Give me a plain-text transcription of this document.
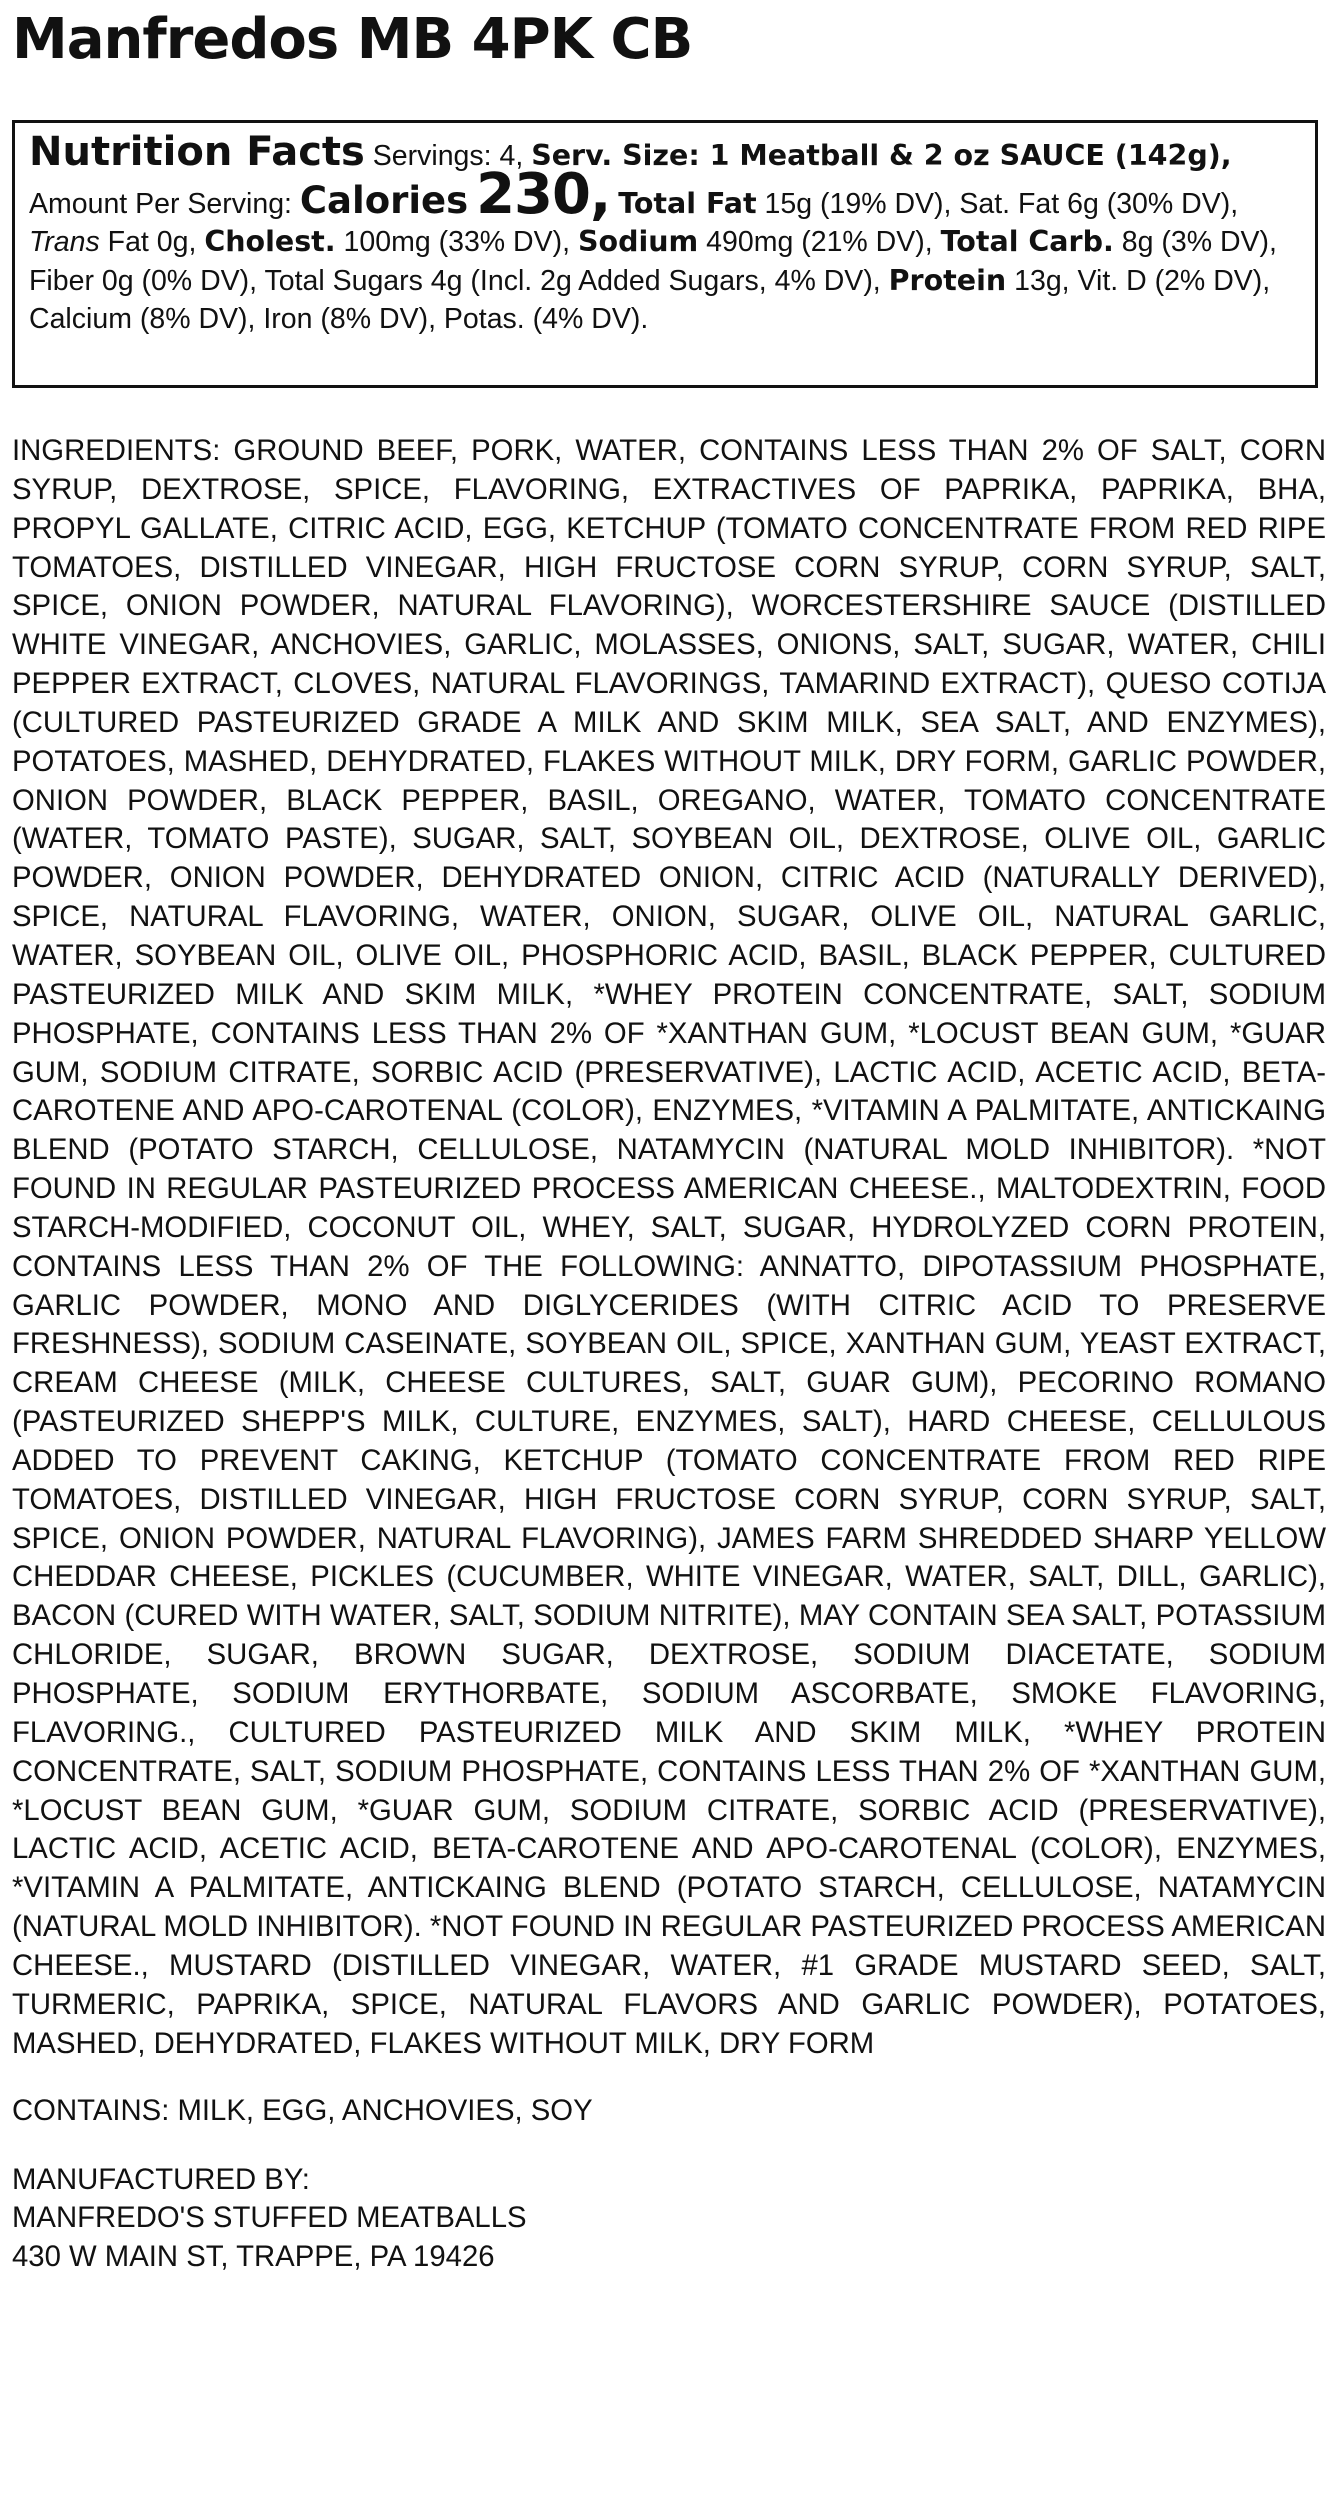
Manfredos MB 4PK CB
Nutrition Facts Servings: 4, Serv. Size: 1 Meatball & 2 oz SAUCE (142g), Amount Per Serving: Calories 230, Total Fat 15g (19% DV), Sat. Fat 6g (30% DV), Trans Fat 0g, Cholest. 100mg (33% DV), Sodium 490mg (21% DV), Total Carb. 8g (3% DV), Fiber 0g (0% DV), Total Sugars 4g (Incl. 2g Added Sugars, 4% DV), Protein 13g, Vit. D (2% DV), Calcium (8% DV), Iron (8% DV), Potas. (4% DV).
INGREDIENTS: GROUND BEEF, PORK, WATER, CONTAINS LESS THAN 2% OF SALT, CORN SYRUP, DEXTROSE, SPICE, FLAVORING, EXTRACTIVES OF PAPRIKA, PAPRIKA, BHA, PROPYL GALLATE, CITRIC ACID, EGG, KETCHUP (TOMATO CONCENTRATE FROM RED RIPE TOMATOES, DISTILLED VINEGAR, HIGH FRUCTOSE CORN SYRUP, CORN SYRUP, SALT, SPICE, ONION POWDER, NATURAL FLAVORING), WORCESTERSHIRE SAUCE (DISTILLED WHITE VINEGAR, ANCHOVIES, GARLIC, MOLASSES, ONIONS, SALT, SUGAR, WATER, CHILI PEPPER EXTRACT, CLOVES, NATURAL FLAVORINGS, TAMARIND EXTRACT), QUESO COTIJA (CULTURED PASTEURIZED GRADE A MILK AND SKIM MILK, SEA SALT, AND ENZYMES), POTATOES, MASHED, DEHYDRATED, FLAKES WITHOUT MILK, DRY FORM, GARLIC POWDER, ONION POWDER, BLACK PEPPER, BASIL, OREGANO, WATER, TOMATO CONCENTRATE (WATER, TOMATO PASTE), SUGAR, SALT, SOYBEAN OIL, DEXTROSE, OLIVE OIL, GARLIC POWDER, ONION POWDER, DEHYDRATED ONION, CITRIC ACID (NATURALLY DERIVED), SPICE, NATURAL FLAVORING, WATER, ONION, SUGAR, OLIVE OIL, NATURAL GARLIC, WATER, SOYBEAN OIL, OLIVE OIL, PHOSPHORIC ACID, BASIL, BLACK PEPPER, CULTURED PASTEURIZED MILK AND SKIM MILK, *WHEY PROTEIN CONCENTRATE, SALT, SODIUM PHOSPHATE, CONTAINS LESS THAN 2% OF *XANTHAN GUM, *LOCUST BEAN GUM, *GUAR GUM, SODIUM CITRATE, SORBIC ACID (PRESERVATIVE), LACTIC ACID, ACETIC ACID, BETA-CAROTENE AND APO-CAROTENAL (COLOR), ENZYMES, *VITAMIN A PALMITATE, ANTICKAING BLEND (POTATO STARCH, CELLULOSE, NATAMYCIN (NATURAL MOLD INHIBITOR). *NOT FOUND IN REGULAR PASTEURIZED PROCESS AMERICAN CHEESE., MALTODEXTRIN, FOOD STARCH-MODIFIED, COCONUT OIL, WHEY, SALT, SUGAR, HYDROLYZED CORN PROTEIN, CONTAINS LESS THAN 2% OF THE FOLLOWING: ANNATTO, DIPOTASSIUM PHOSPHATE, GARLIC POWDER, MONO AND DIGLYCERIDES (WITH CITRIC ACID TO PRESERVE FRESHNESS), SODIUM CASEINATE, SOYBEAN OIL, SPICE, XANTHAN GUM, YEAST EXTRACT, CREAM CHEESE (MILK, CHEESE CULTURES, SALT, GUAR GUM), PECORINO ROMANO (PASTEURIZED SHEPP'S MILK, CULTURE, ENZYMES, SALT), HARD CHEESE, CELLULOUS ADDED TO PREVENT CAKING, KETCHUP (TOMATO CONCENTRATE FROM RED RIPE TOMATOES, DISTILLED VINEGAR, HIGH FRUCTOSE CORN SYRUP, CORN SYRUP, SALT, SPICE, ONION POWDER, NATURAL FLAVORING), JAMES FARM SHREDDED SHARP YELLOW CHEDDAR CHEESE, PICKLES (CUCUMBER, WHITE VINEGAR, WATER, SALT, DILL, GARLIC), BACON (CURED WITH WATER, SALT, SODIUM NITRITE), MAY CONTAIN SEA SALT, POTASSIUM CHLORIDE, SUGAR, BROWN SUGAR, DEXTROSE, SODIUM DIACETATE, SODIUM PHOSPHATE, SODIUM ERYTHORBATE, SODIUM ASCORBATE, SMOKE FLAVORING, FLAVORING., CULTURED PASTEURIZED MILK AND SKIM MILK, *WHEY PROTEIN CONCENTRATE, SALT, SODIUM PHOSPHATE, CONTAINS LESS THAN 2% OF *XANTHAN GUM, *LOCUST BEAN GUM, *GUAR GUM, SODIUM CITRATE, SORBIC ACID (PRESERVATIVE), LACTIC ACID, ACETIC ACID, BETA-CAROTENE AND APO-CAROTENAL (COLOR), ENZYMES, *VITAMIN A PALMITATE, ANTICKAING BLEND (POTATO STARCH, CELLULOSE, NATAMYCIN (NATURAL MOLD INHIBITOR). *NOT FOUND IN REGULAR PASTEURIZED PROCESS AMERICAN CHEESE., MUSTARD (DISTILLED VINEGAR, WATER, #1 GRADE MUSTARD SEED, SALT, TURMERIC, PAPRIKA, SPICE, NATURAL FLAVORS AND GARLIC POWDER), POTATOES, MASHED, DEHYDRATED, FLAKES WITHOUT MILK, DRY FORM
CONTAINS: MILK, EGG, ANCHOVIES, SOY
MANUFACTURED BY:
MANFREDO'S STUFFED MEATBALLS
430 W MAIN ST, TRAPPE, PA 19426
